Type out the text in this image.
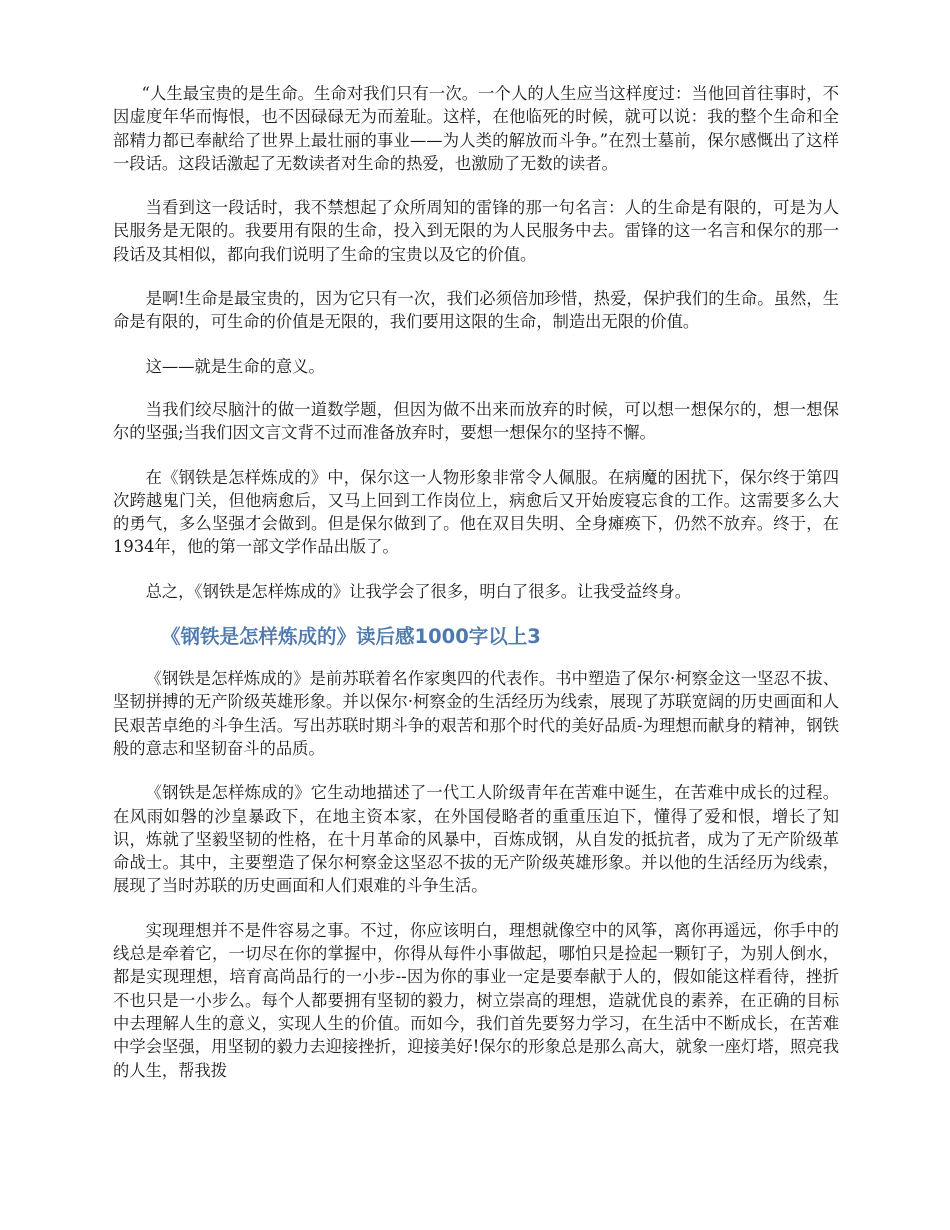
“人生最宝贵的是生命。生命对我们只有一次。一个人的人生应当这样度过：当他回首往事时，不因虚度年华而悔恨，也不因碌碌无为而羞耻。这样，在他临死的时候，就可以说：我的整个生命和全部精力都已奉献给了世界上最壮丽的事业——为人类的解放而斗争。”在烈士墓前，保尔感慨出了这样一段话。这段话激起了无数读者对生命的热爱，也激励了无数的读者。

当看到这一段话时，我不禁想起了众所周知的雷锋的那一句名言：人的生命是有限的，可是为人民服务是无限的。我要用有限的生命，投入到无限的为人民服务中去。雷锋的这一名言和保尔的那一段话及其相似，都向我们说明了生命的宝贵以及它的价值。

是啊!生命是最宝贵的，因为它只有一次，我们必须倍加珍惜，热爱，保护我们的生命。虽然，生命是有限的，可生命的价值是无限的，我们要用这限的生命，制造出无限的价值。

这——就是生命的意义。

当我们绞尽脑汁的做一道数学题，但因为做不出来而放弃的时候，可以想一想保尔的，想一想保尔的坚强;当我们因文言文背不过而准备放弃时，要想一想保尔的坚持不懈。

在《钢铁是怎样炼成的》中，保尔这一人物形象非常令人佩服。在病魔的困扰下，保尔终于第四次跨越鬼门关，但他病愈后，又马上回到工作岗位上，病愈后又开始废寝忘食的工作。这需要多么大的勇气，多么坚强才会做到。但是保尔做到了。他在双目失明、全身瘫痪下，仍然不放弃。终于，在1934年，他的第一部文学作品出版了。

总之，《钢铁是怎样炼成的》让我学会了很多，明白了很多。让我受益终身。

《钢铁是怎样炼成的》读后感1000字以上3

《钢铁是怎样炼成的》是前苏联着名作家奥四的代表作。书中塑造了保尔·柯察金这一坚忍不拔、坚韧拼搏的无产阶级英雄形象。并以保尔·柯察金的生活经历为线索，展现了苏联宽阔的历史画面和人民艰苦卓绝的斗争生活。写出苏联时期斗争的艰苦和那个时代的美好品质-为理想而献身的精神，钢铁般的意志和坚韧奋斗的品质。

《钢铁是怎样炼成的》它生动地描述了一代工人阶级青年在苦难中诞生，在苦难中成长的过程。在风雨如磐的沙皇暴政下，在地主资本家，在外国侵略者的重重压迫下，懂得了爱和恨，增长了知识，炼就了坚毅坚韧的性格，在十月革命的风暴中，百炼成钢，从自发的抵抗者，成为了无产阶级革命战士。其中，主要塑造了保尔柯察金这坚忍不拔的无产阶级英雄形象。并以他的生活经历为线索，展现了当时苏联的历史画面和人们艰难的斗争生活。

实现理想并不是件容易之事。不过，你应该明白，理想就像空中的风筝，离你再遥远，你手中的线总是牵着它，一切尽在你的掌握中，你得从每件小事做起，哪怕只是捡起一颗钉子，为别人倒水，都是实现理想，培育高尚品行的一小步--因为你的事业一定是要奉献于人的，假如能这样看待，挫折不也只是一小步么。每个人都要拥有坚韧的毅力，树立崇高的理想，造就优良的素养，在正确的目标中去理解人生的意义，实现人生的价值。而如今，我们首先要努力学习，在生活中不断成长，在苦难中学会坚强，用坚韧的毅力去迎接挫折，迎接美好!保尔的形象总是那么高大，就象一座灯塔，照亮我的人生，帮我拨
